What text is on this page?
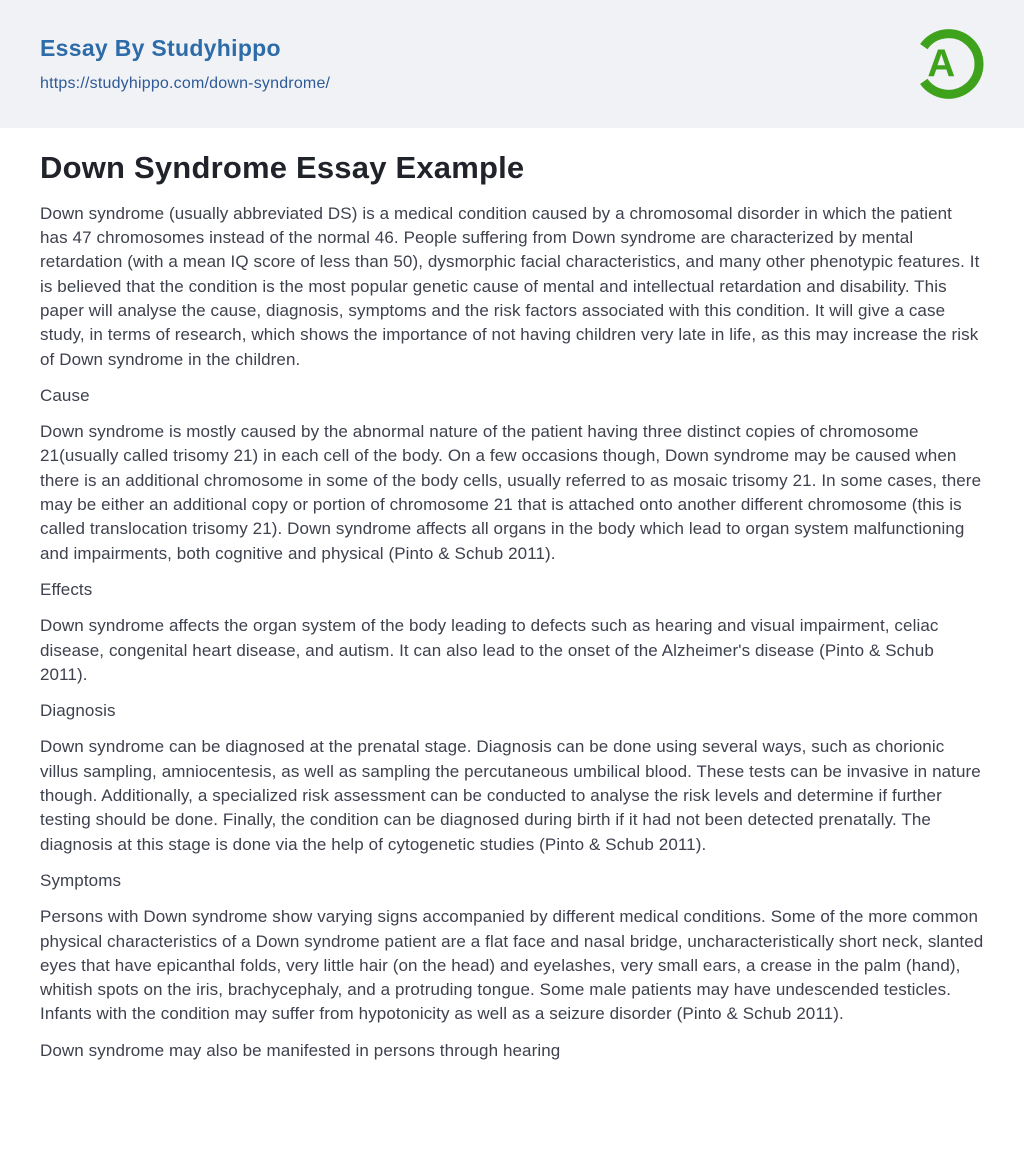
Essay By Studyhippo
https://studyhippo.com/down-syndrome/	A
Down Syndrome Essay Example

Down syndrome (usually abbreviated DS) is a medical condition caused by a chromosomal disorder in which the patient has 47 chromosomes instead of the normal 46. People suffering from Down syndrome are characterized by mental retardation (with a mean IQ score of less than 50), dysmorphic facial characteristics, and many other phenotypic features. It is believed that the condition is the most popular genetic cause of mental and intellectual retardation and disability. This paper will analyse the cause, diagnosis, symptoms and the risk factors associated with this condition. It will give a case study, in terms of research, which shows the importance of not having children very late in life, as this may increase the risk of Down syndrome in the children.

Cause

Down syndrome is mostly caused by the abnormal nature of the patient having three distinct copies of chromosome 21(usually called trisomy 21) in each cell of the body. On a few occasions though, Down syndrome may be caused when there is an additional chromosome in some of the body cells, usually referred to as mosaic trisomy 21. In some cases, there may be either an additional copy or portion of chromosome 21 that is attached onto another different chromosome (this is called translocation trisomy 21). Down syndrome affects all organs in the body which lead to organ system malfunctioning and impairments, both cognitive and physical (Pinto & Schub 2011).

Effects

Down syndrome affects the organ system of the body leading to defects such as hearing and visual impairment, celiac disease, congenital heart disease, and autism. It can also lead to the onset of the Alzheimer's disease (Pinto & Schub 2011).

Diagnosis

Down syndrome can be diagnosed at the prenatal stage. Diagnosis can be done using several ways, such as chorionic villus sampling, amniocentesis, as well as sampling the percutaneous umbilical blood. These tests can be invasive in nature though. Additionally, a specialized risk assessment can be conducted to analyse the risk levels and determine if further testing should be done. Finally, the condition can be diagnosed during birth if it had not been detected prenatally. The diagnosis at this stage is done via the help of cytogenetic studies (Pinto & Schub 2011).

Symptoms

Persons with Down syndrome show varying signs accompanied by different medical conditions. Some of the more common physical characteristics of a Down syndrome patient are a flat face and nasal bridge, uncharacteristically short neck, slanted eyes that have epicanthal folds, very little hair (on the head) and eyelashes, very small ears, a crease in the palm (hand), whitish spots on the iris, brachycephaly, and a protruding tongue. Some male patients may have undescended testicles. Infants with the condition may suffer from hypotonicity as well as a seizure disorder (Pinto & Schub 2011).

Down syndrome may also be manifested in persons through hearing
